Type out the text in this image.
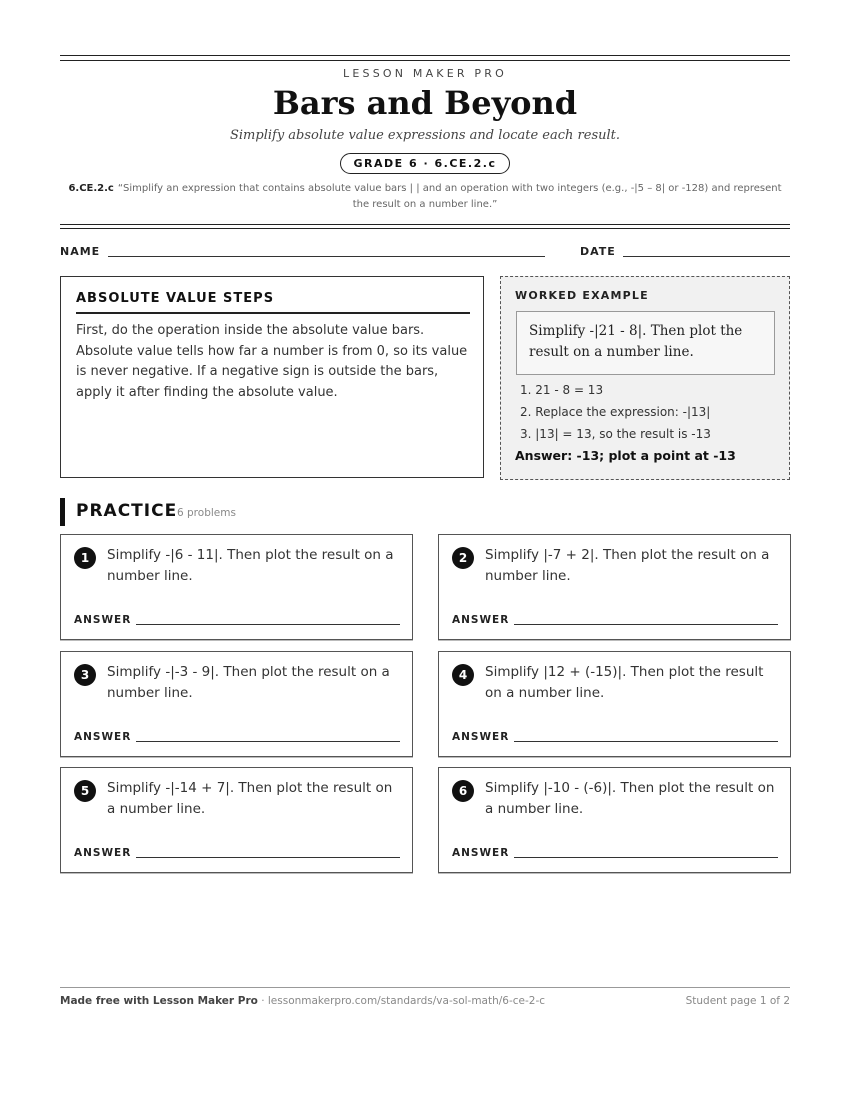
LESSON MAKER PRO
Bars and Beyond
Simplify absolute value expressions and locate each result.
GRADE 6 · 6.CE.2.c
6.CE.2.c “Simplify an expression that contains absolute value bars | | and an operation with two integers (e.g., -|5 – 8| or -128) and represent the result on a number line.”
NAME	DATE
ABSOLUTE VALUE STEPS
First, do the operation inside the absolute value bars. Absolute value tells how far a number is from 0, so its value is never negative. If a negative sign is outside the bars, apply it after finding the absolute value.
WORKED EXAMPLE
Simplify -|21 - 8|. Then plot the result on a number line.
1. 21 - 8 = 13
2. Replace the expression: -|13|
3. |13| = 13, so the result is -13
Answer: -13; plot a point at -13
PRACTICE 6 problems
1	Simplify -|6 - 11|. Then plot the result on a number line.
ANSWER
2	Simplify |-7 + 2|. Then plot the result on a number line.
ANSWER
3	Simplify -|-3 - 9|. Then plot the result on a number line.
ANSWER
4	Simplify |12 + (-15)|. Then plot the result on a number line.
ANSWER
5	Simplify -|-14 + 7|. Then plot the result on a number line.
ANSWER
6	Simplify |-10 - (-6)|. Then plot the result on a number line.
ANSWER
Made free with Lesson Maker Pro · lessonmakerpro.com/standards/va-sol-math/6-ce-2-c	Student page 1 of 2
